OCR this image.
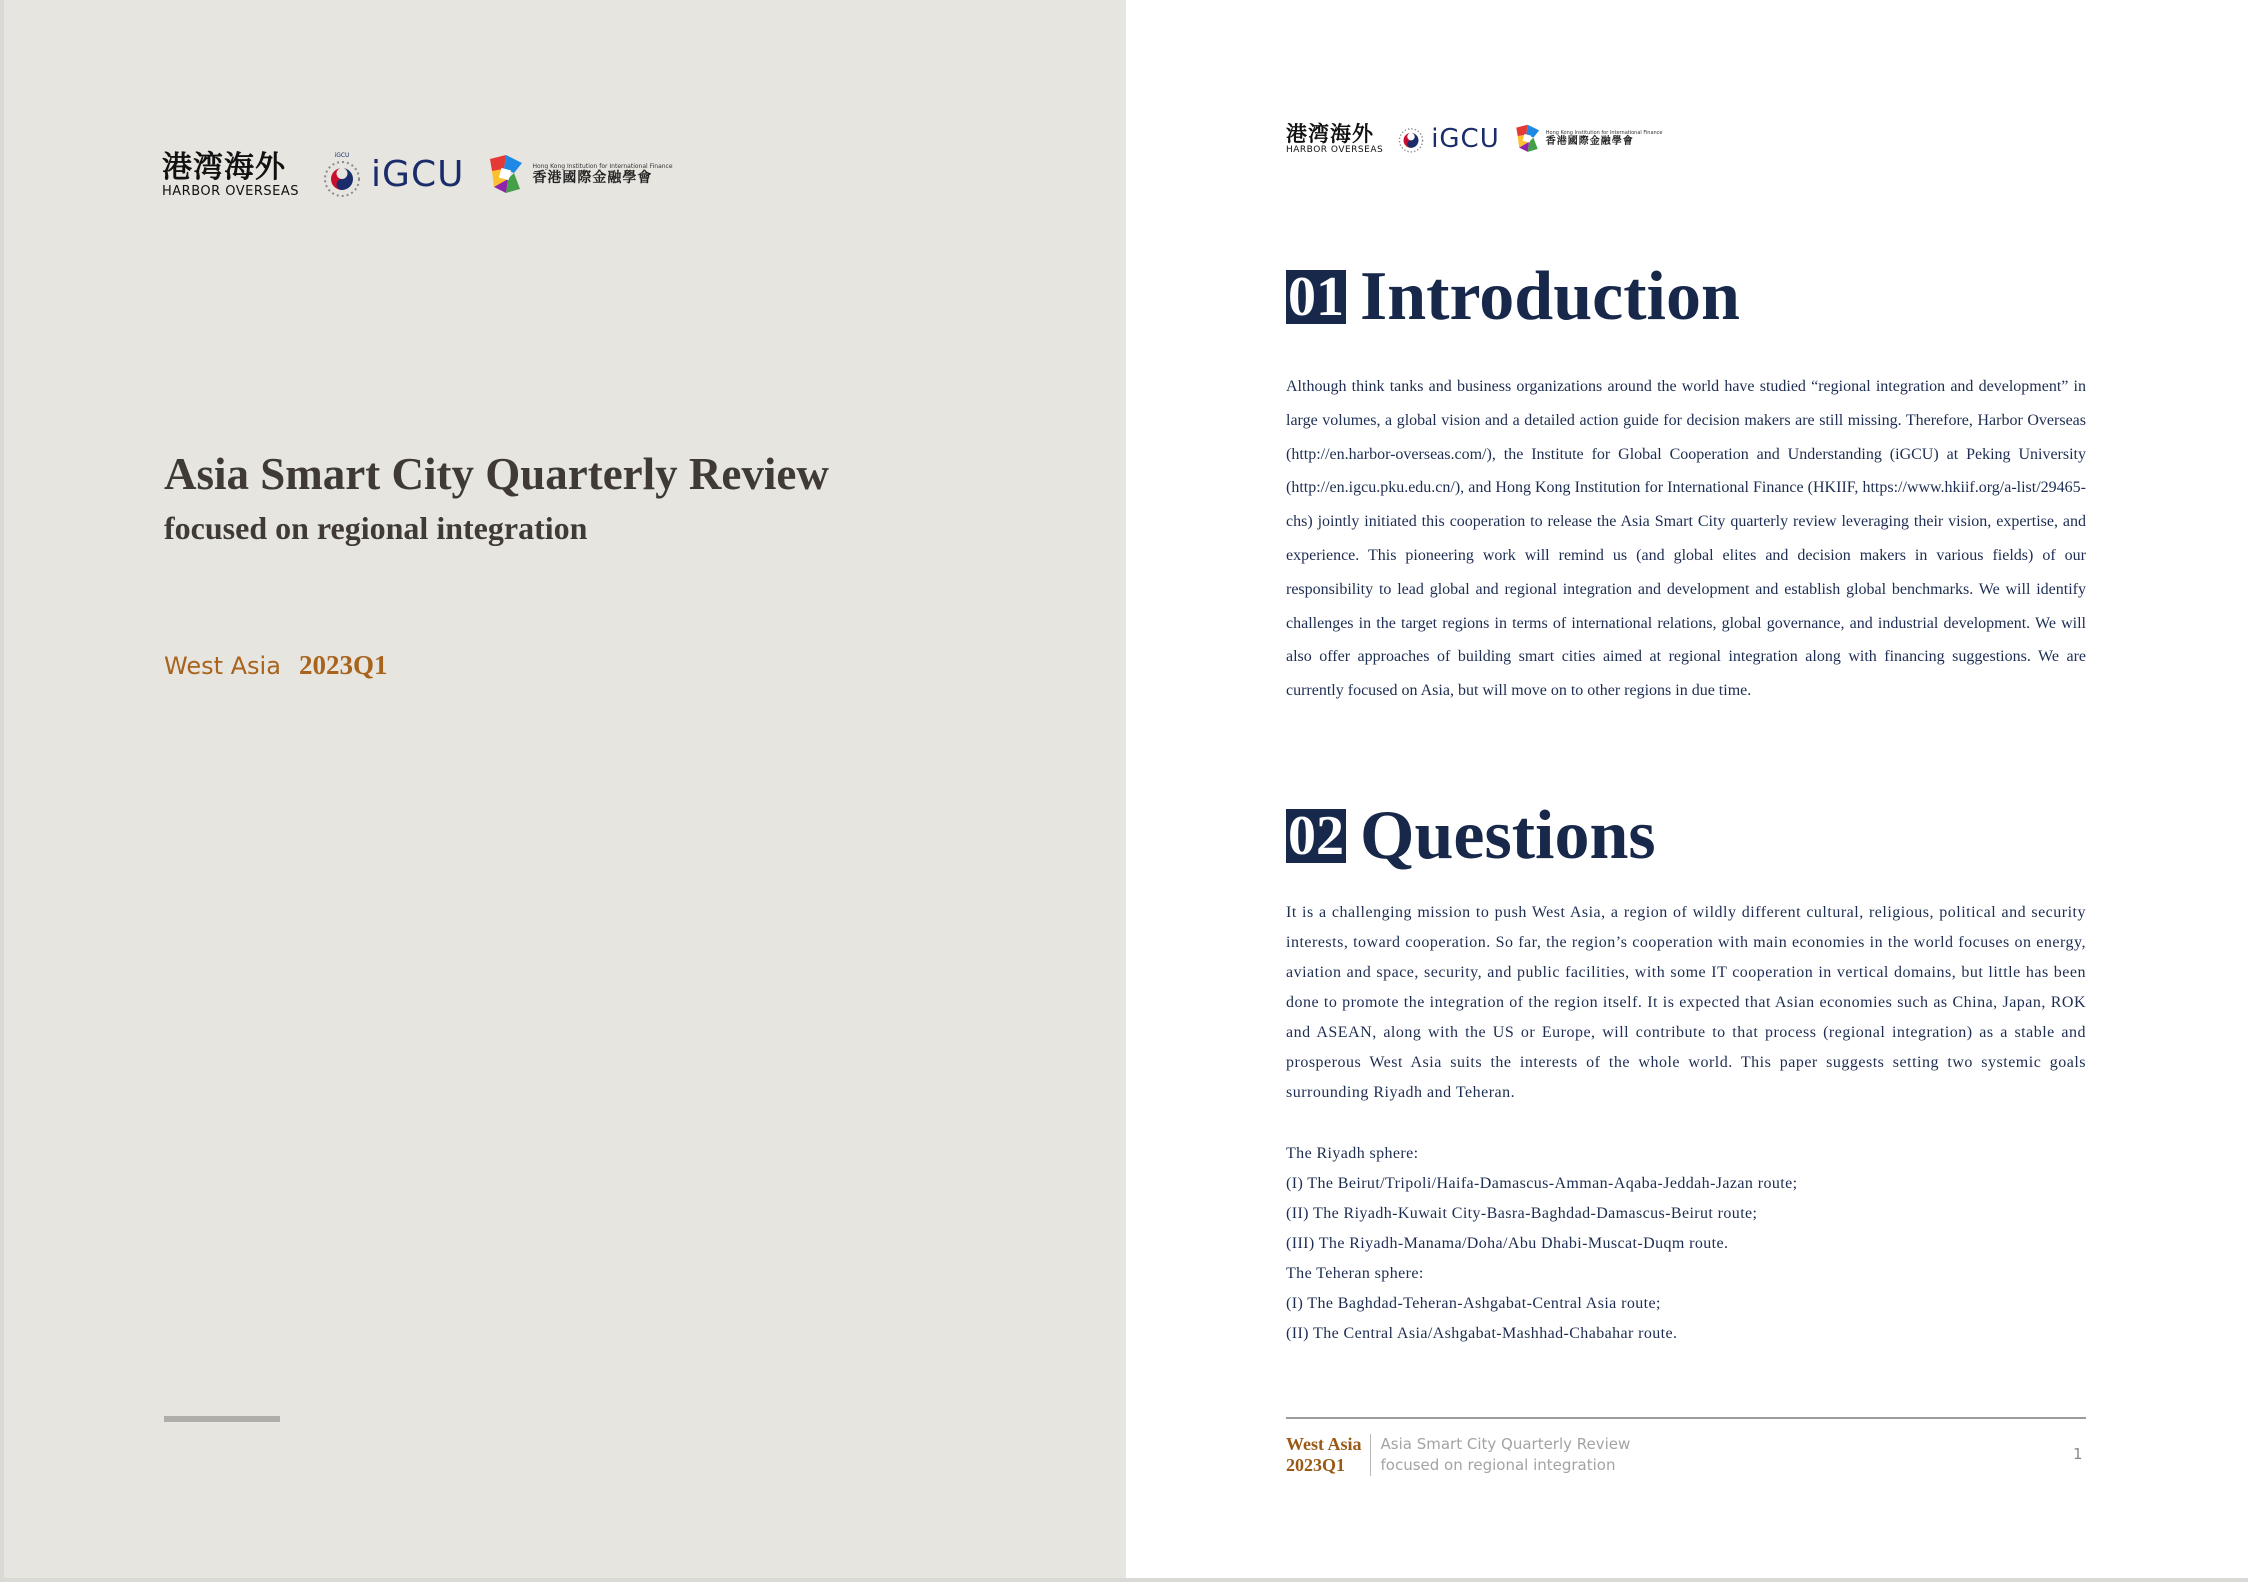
港湾海外
HARBOR OVERSEAS
iGCU iGCU	Hong Kong Institution for International Finance
香港國際金融學會
Asia Smart City Quarterly Review
focused on regional integration
West Asia 2023Q1
港湾海外
HARBOR OVERSEAS iGCU	Hong Kong Institution for International Finance
香港國際金融學會
01 Introduction

Although think tanks and business organizations around the world have studied “regional integration and development” in large volumes, a global vision and a detailed action guide for decision makers are still missing. Therefore, Harbor Overseas (http://en.harbor-overseas.com/), the Institute for Global Cooperation and Understanding (iGCU) at Peking University (http://en.igcu.pku.edu.cn/), and Hong Kong Institution for International Finance (HKIIF, https://www.hkiif.org/a-list/29465-chs) jointly initiated this cooperation to release the Asia Smart City quarterly review leveraging their vision, expertise, and experience. This pioneering work will remind us (and global elites and decision makers in various fields) of our responsibility to lead global and regional integration and development and establish global benchmarks. We will identify challenges in the target regions in terms of international relations, global governance, and industrial development. We will also offer approaches of building smart cities aimed at regional integration along with financing suggestions. We are currently focused on Asia, but will move on to other regions in due time.

02 Questions

It is a challenging mission to push West Asia, a region of wildly different cultural, religious, political and security interests, toward cooperation. So far, the region’s cooperation with main economies in the world focuses on energy, aviation and space, security, and public facilities, with some IT cooperation in vertical domains, but little has been done to promote the integration of the region itself. It is expected that Asian economies such as China, Japan, ROK and ASEAN, along with the US or Europe, will contribute to that process (regional integration) as a stable and prosperous West Asia suits the interests of the whole world. This paper suggests setting two systemic goals surrounding Riyadh and Teheran.

The Riyadh sphere:
(I) The Beirut/Tripoli/Haifa-Damascus-Amman-Aqaba-Jeddah-Jazan route;
(II) The Riyadh-Kuwait City-Basra-Baghdad-Damascus-Beirut route;
(III) The Riyadh-Manama/Doha/Abu Dhabi-Muscat-Duqm route.
The Teheran sphere:
(I) The Baghdad-Teheran-Ashgabat-Central Asia route;
(II) The Central Asia/Ashgabat-Mashhad-Chabahar route.
West Asia
2023Q1
Asia Smart City Quarterly Review
focused on regional integration
1
